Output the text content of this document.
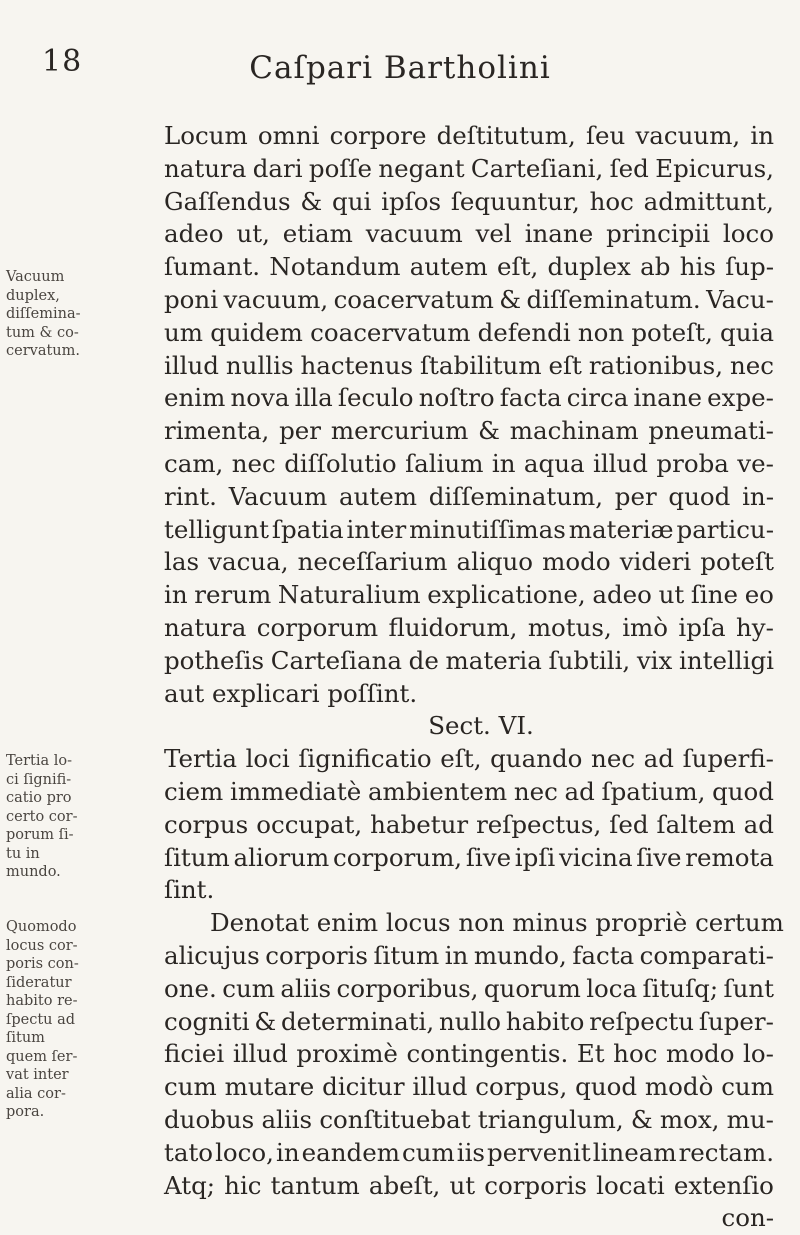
18	Caſpari Bartholini
Locum omni corpore deſtitutum, ſeu vacuum, in
natura dari poſſe negant Carteſiani, ſed Epicurus,
Gaſſendus & qui ipſos ſequuntur, hoc admittunt,
adeo ut, etiam vacuum vel inane principii loco
ſumant. Notandum autem eſt, duplex ab his ſup-
poni vacuum, coacervatum & diſſeminatum. Vacu-
um quidem coacervatum defendi non poteſt, quia
illud nullis hactenus ſtabilitum eſt rationibus, nec
enim nova illa ſeculo noſtro facta circa inane expe-
rimenta, per mercurium & machinam pneumati-
cam, nec diſſolutio ſalium in aqua illud proba ve-
rint. Vacuum autem diſſeminatum, per quod in-
telligunt ſpatia inter minutiſſimas materiæ particu-
las vacua, neceſſarium aliquo modo videri poteſt
in rerum Naturalium explicatione, adeo ut ſine eo
natura corporum fluidorum, motus, imò ipſa hy-
potheſis Carteſiana de materia ſubtili, vix intelligi
aut explicari poſſint.
Sect. VI.
Tertia loci ſignificatio eſt, quando nec ad ſuperfi-
ciem immediatè ambientem nec ad ſpatium, quod
corpus occupat, habetur reſpectus, ſed ſaltem ad
ſitum aliorum corporum, ſive ipſi vicina ſive remota
ſint.
Denotat enim locus non minus propriè certum
alicujus corporis ſitum in mundo, facta comparati-
one. cum aliis corporibus, quorum loca ſituſq; ſunt
cogniti & determinati, nullo habito reſpectu ſuper-
ficiei illud proximè contingentis. Et hoc modo lo-
cum mutare dicitur illud corpus, quod modò cum
duobus aliis conſtituebat triangulum, & mox, mu-
tato loco, in eandem cum iis pervenit lineam rectam.
Atq; hic tantum abeſt, ut corporis locati extenſio
con-
Vacuum
duplex,
diſſemina-
tum & co-
cervatum.
Tertia lo-
ci ſignifi-
catio pro
certo cor-
porum ſi-
tu in
mundo.
Quomodo
locus cor-
poris con-
ſideratur
habito re-
ſpectu ad
ſitum
quem ſer-
vat inter
alia cor-
pora.
